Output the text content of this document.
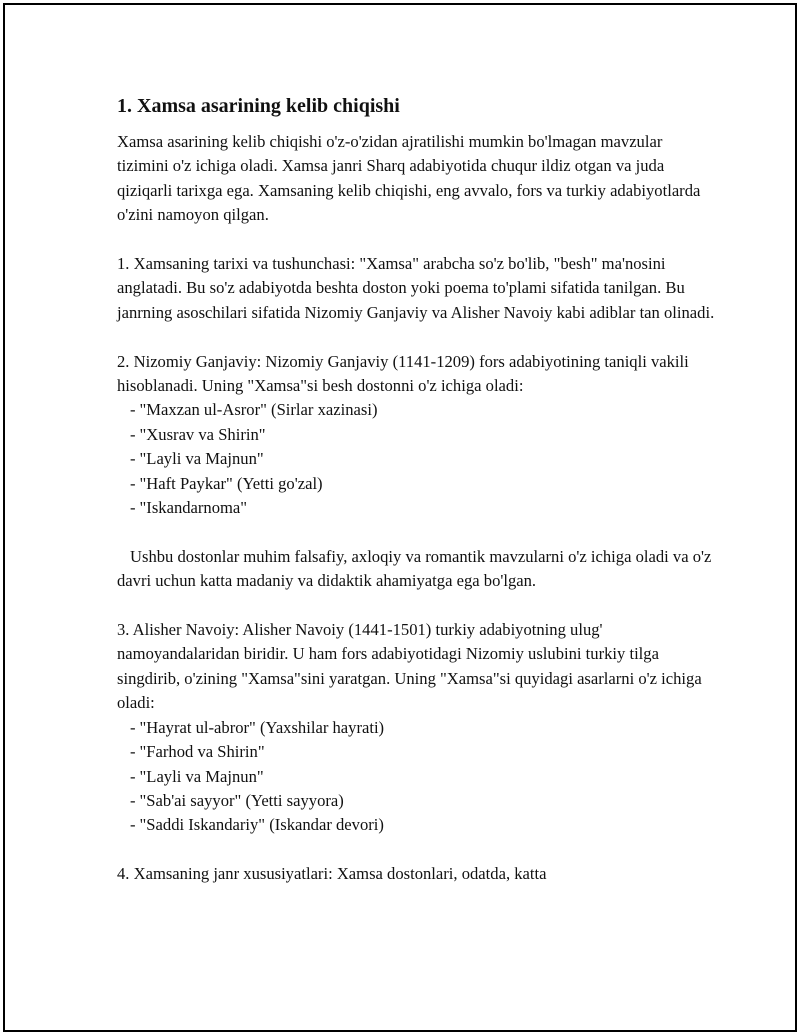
1. Xamsa asarining kelib chiqishi

Xamsa asarining kelib chiqishi o'z-o'zidan ajratilishi mumkin bo'lmagan mavzular tizimini o'z ichiga oladi. Xamsa janri Sharq adabiyotida chuqur ildiz otgan va juda qiziqarli tarixga ega. Xamsaning kelib chiqishi, eng avvalo, fors va turkiy adabiyotlarda o'zini namoyon qilgan.

1. Xamsaning tarixi va tushunchasi: "Xamsa" arabcha so'z bo'lib, "besh" ma'nosini anglatadi. Bu so'z adabiyotda beshta doston yoki poema to'plami sifatida tanilgan. Bu janrning asoschilari sifatida Nizomiy Ganjaviy va Alisher Navoiy kabi adiblar tan olinadi.

2. Nizomiy Ganjaviy: Nizomiy Ganjaviy (1141-1209) fors adabiyotining taniqli vakili hisoblanadi. Uning "Xamsa"si besh dostonni o'z ichiga oladi:

- "Maxzan ul-Asror" (Sirlar xazinasi)
- "Xusrav va Shirin"
- "Layli va Majnun"
- "Haft Paykar" (Yetti go'zal)
- "Iskandarnoma"

Ushbu dostonlar muhim falsafiy, axloqiy va romantik mavzularni o'z ichiga oladi va o'z davri uchun katta madaniy va didaktik ahamiyatga ega bo'lgan.

3. Alisher Navoiy: Alisher Navoiy (1441-1501) turkiy adabiyotning ulug' namoyandalaridan biridir. U ham fors adabiyotidagi Nizomiy uslubini turkiy tilga singdirib, o'zining "Xamsa"sini yaratgan. Uning "Xamsa"si quyidagi asarlarni o'z ichiga oladi:

- "Hayrat ul-abror" (Yaxshilar hayrati)
- "Farhod va Shirin"
- "Layli va Majnun"
- "Sab'ai sayyor" (Yetti sayyora)
- "Saddi Iskandariy" (Iskandar devori)

4. Xamsaning janr xususiyatlari: Xamsa dostonlari, odatda, katta
